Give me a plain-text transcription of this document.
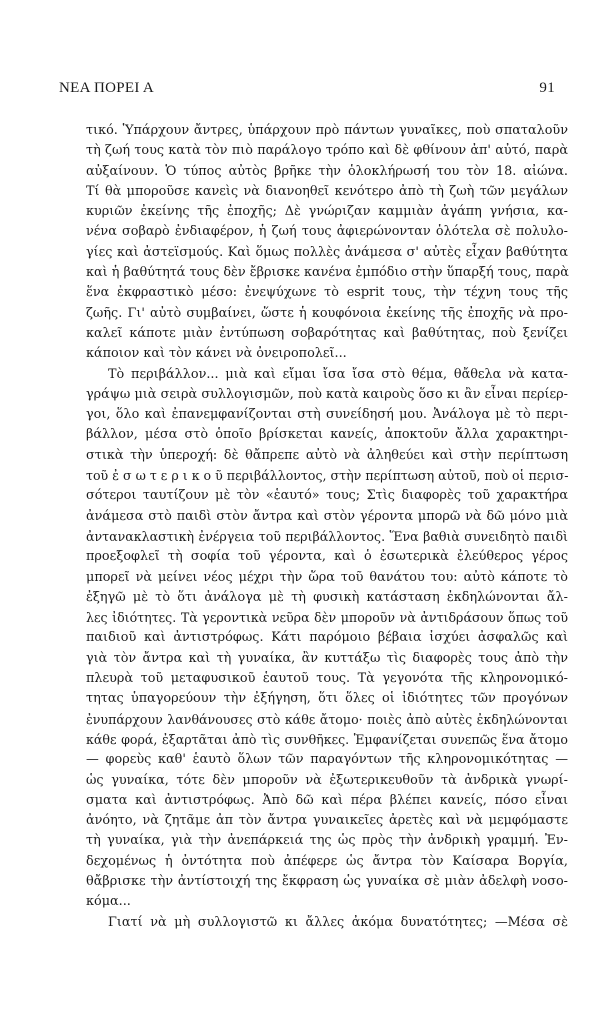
ΝΕΑ ΠΟΡΕΙ Α	91
τικό. Ὑπάρχουν ἄντρες, ὑπάρχουν πρὸ πάντων γυναῖκες, ποὺ σπαταλοῦν
τὴ ζωή τους κατὰ τὸν πιὸ παράλογο τρόπο καὶ δὲ φθίνουν ἀπ' αὐτό, παρὰ
αὐξαίνουν. Ὁ τύπος αὐτὸς βρῆκε τὴν ὁλοκλήρωσή του τὸν 18. αἰώνα.
Τί θὰ μποροῦσε κανεὶς νὰ διανοηθεῖ κενότερο ἀπὸ τὴ ζωὴ τῶν μεγάλων
κυριῶν ἐκείνης τῆς ἐποχῆς; Δὲ γνώριζαν καμμιὰν ἀγάπη γνήσια, κα-
νένα σοβαρὸ ἐνδιαφέρον, ἡ ζωή τους ἀφιερώνονταν ὁλότελα σὲ πολυλο-
γίες καὶ ἀστεϊσμούς. Καὶ ὅμως πολλὲς ἀνάμεσα σ' αὐτὲς εἶχαν βαθύτητα
καὶ ἡ βαθύτητά τους δὲν ἔβρισκε κανένα ἐμπόδιο στὴν ὕπαρξή τους, παρὰ
ἕνα ἐκφραστικὸ μέσο: ἐνεψύχωνε τὸ esprit τους, τὴν τέχνη τους τῆς
ζωῆς. Γι' αὐτὸ συμβαίνει, ὥστε ἡ κουφόνοια ἐκείνης τῆς ἐποχῆς νὰ προ-
καλεῖ κάποτε μιὰν ἐντύπωση σοβαρότητας καὶ βαθύτητας, ποὺ ξενίζει
κάποιον καὶ τὸν κάνει νὰ ὀνειροπολεῖ...
Τὸ περιβάλλον... μιὰ καὶ εἴμαι ἴσα ἴσα στὸ θέμα, θἄθελα νὰ κατα-
γράψω μιὰ σειρὰ συλλογισμῶν, ποὺ κατὰ καιροὺς ὅσο κι ἂν εἶναι περίερ-
γοι, ὅλο καὶ ἐπανεμφανίζονται στὴ συνείδησή μου. Ἀνάλογα μὲ τὸ περι-
βάλλον, μέσα στὸ ὁποῖο βρίσκεται κανείς, ἀποκτοῦν ἄλλα χαρακτηρι-
στικὰ τὴν ὑπεροχή: δὲ θἄπρεπε αὐτὸ νὰ ἀληθεύει καὶ στὴν περίπτωση
τοῦ ἐ σ ω τ ε ρ ι κ ο ῦ περιβάλλοντος, στὴν περίπτωση αὐτοῦ, ποὺ οἱ περισ-
σότεροι ταυτίζουν μὲ τὸν «ἑαυτό» τους; Στὶς διαφορὲς τοῦ χαρακτήρα
ἀνάμεσα στὸ παιδὶ στὸν ἄντρα καὶ στὸν γέροντα μπορῶ νὰ δῶ μόνο μιὰ
ἀντανακλαστικὴ ἐνέργεια τοῦ περιβάλλοντος. Ἕνα βαθιὰ συνειδητὸ παιδὶ
προεξοφλεῖ τὴ σοφία τοῦ γέροντα, καὶ ὁ ἐσωτερικὰ ἐλεύθερος γέρος
μπορεῖ νὰ μείνει νέος μέχρι τὴν ὥρα τοῦ θανάτου του: αὐτὸ κάποτε τὸ
ἐξηγῶ μὲ τὸ ὅτι ἀνάλογα μὲ τὴ φυσικὴ κατάσταση ἐκδηλώνονται ἄλ-
λες ἰδιότητες. Τὰ γεροντικὰ νεῦρα δὲν μποροῦν νὰ ἀντιδράσουν ὅπως τοῦ
παιδιοῦ καὶ ἀντιστρόφως. Κάτι παρόμοιο βέβαια ἰσχύει ἀσφαλῶς καὶ
γιὰ τὸν ἄντρα καὶ τὴ γυναίκα, ἂν κυττάξω τὶς διαφορὲς τους ἀπὸ τὴν
πλευρὰ τοῦ μεταφυσικοῦ ἑαυτοῦ τους. Τὰ γεγονότα τῆς κληρονομικό-
τητας ὑπαγορεύουν τὴν ἐξήγηση, ὅτι ὅλες οἱ ἰδιότητες τῶν προγόνων
ἐνυπάρχουν λανθάνουσες στὸ κάθε ἄτομο· ποιὲς ἀπὸ αὐτὲς ἐκδηλώνονται
κάθε φορά, ἐξαρτᾶται ἀπὸ τὶς συνθῆκες. Ἐμφανίζεται συνεπῶς ἕνα ἄτομο
— φορεὺς καθ' ἑαυτὸ ὅλων τῶν παραγόντων τῆς κληρονομικότητας —
ὡς γυναίκα, τότε δὲν μποροῦν νὰ ἐξωτερικευθοῦν τὰ ἀνδρικὰ γνωρί-
σματα καὶ ἀντιστρόφως. Ἀπὸ δῶ καὶ πέρα βλέπει κανείς, πόσο εἶναι
ἀνόητο, νὰ ζητᾶμε ἀπ τὸν ἄντρα γυναικεῖες ἀρετὲς καὶ νὰ μεμφόμαστε
τὴ γυναίκα, γιὰ τὴν ἀνεπάρκειά της ὡς πρὸς τὴν ἀνδρικὴ γραμμή. Ἐν-
δεχομένως ἡ ὀντότητα ποὺ ἀπέφερε ὡς ἄντρα τὸν Καίσαρα Βοργία,
θἄβρισκε τὴν ἀντίστοιχή της ἔκφραση ὡς γυναίκα σὲ μιὰν ἀδελφὴ νοσο-
κόμα...
Γιατί νὰ μὴ συλλογιστῶ κι ἄλλες ἀκόμα δυνατότητες; —Μέσα σὲ
